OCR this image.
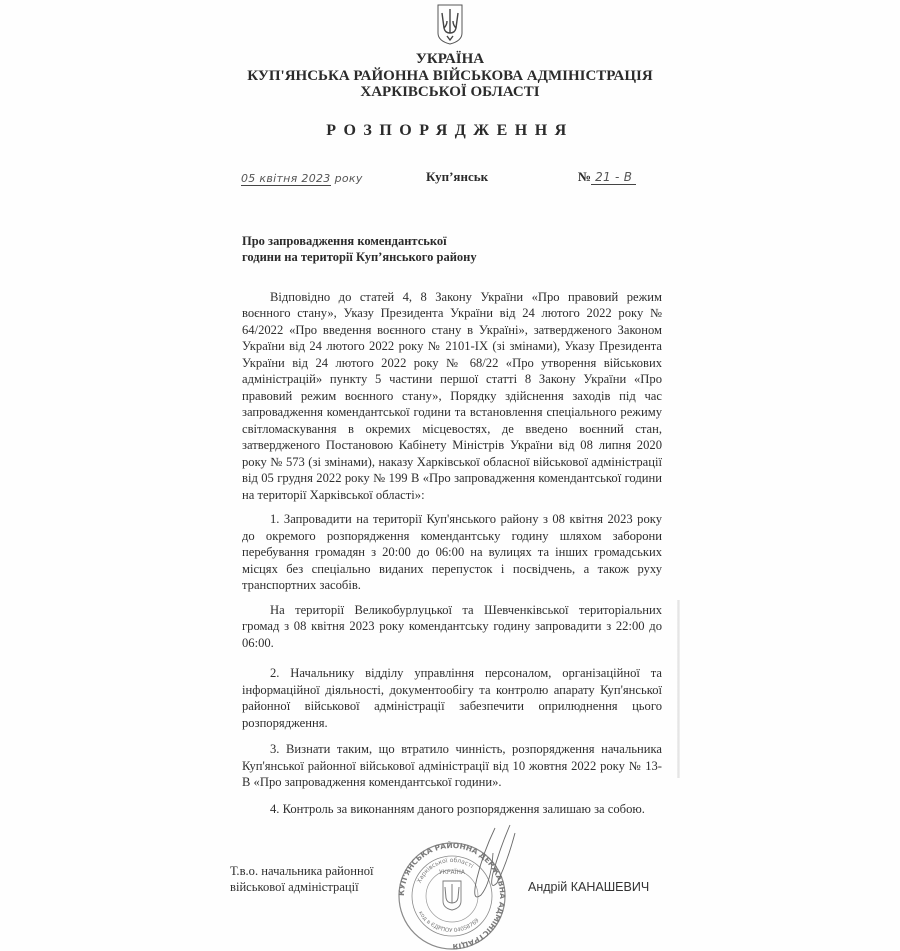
УКРАЇНА
КУП'ЯНСЬКА РАЙОННА ВІЙСЬКОВА АДМІНІСТРАЦІЯ
ХАРКІВСЬКОЇ ОБЛАСТІ
РОЗПОРЯДЖЕННЯ
05 квітня 2023 року	Куп’янськ	№ 21 - В
Про запровадження комендантської
години на території Куп’янського району

Відповідно до статей 4, 8 Закону України «Про правовий режим воєнного стану», Указу Президента України від 24 лютого 2022 року № 64/2022 «Про введення воєнного стану в Україні», затвердженого Законом України від 24 лютого 2022 року № 2101-IX (зі змінами), Указу Президента України від 24 лютого 2022 року № 68/22 «Про утворення військових адміністрацій» пункту 5 частини першої статті 8 Закону України «Про правовий режим воєнного стану», Порядку здійснення заходів під час запровадження комендантської години та встановлення спеціального режиму світломаскування в окремих місцевостях, де введено воєнний стан, затвердженого Постановою Кабінету Міністрів України від 08 липня 2020 року № 573 (зі змінами), наказу Харківської обласної військової адміністрації від 05 грудня 2022 року № 199 В «Про запровадження комендантської години на території Харківської області»:

1. Запровадити на території Куп'янського району з 08 квітня 2023 року до окремого розпорядження комендантську годину шляхом заборони перебування громадян з 20:00 до 06:00 на вулицях та інших громадських місцях без спеціально виданих перепусток і посвідчень, а також руху транспортних засобів.

На території Великобурлуцької та Шевченківської територіальних громад з 08 квітня 2023 року комендантську годину запровадити з 22:00 до 06:00.

2. Начальнику відділу управління персоналом, організаційної та інформаційної діяльності, документообігу та контролю апарату Куп'янської районної військової адміністрації забезпечити оприлюднення цього розпорядження.

3. Визнати таким, що втратило чинність, розпорядження начальника Куп'янської районної військової адміністрації від 10 жовтня 2022 року № 13-В «Про запровадження комендантської години».

4. Контроль за виконанням даного розпорядження залишаю за собою.

Т.в.о. начальника районної
військової адміністрації	КУП'ЯНСЬКА РАЙОННА ДЕРЖАВНА АДМІНІСТРАЦІЯ
Харківської області
код в ЄДРПОУ 04058769
УКРАЇНА
Андрій КАНАШЕВИЧ
